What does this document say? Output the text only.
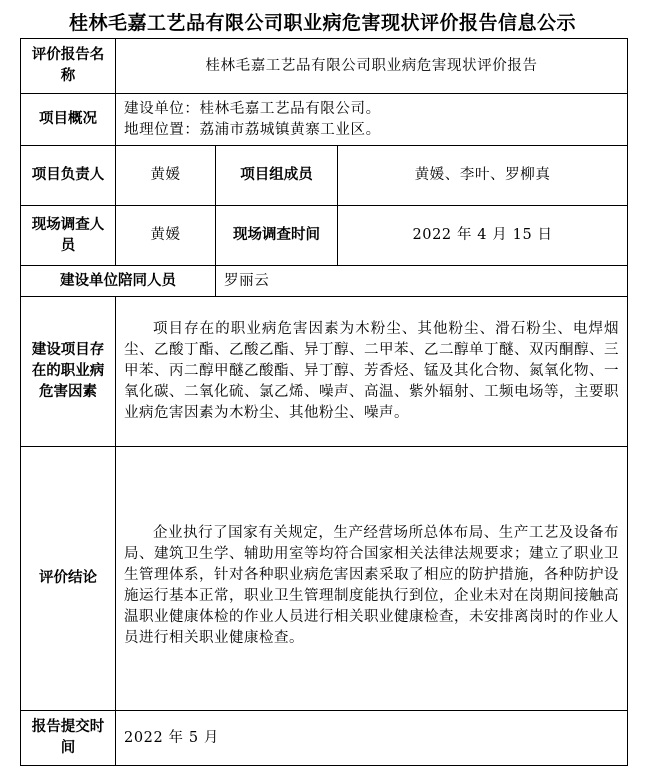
桂林毛嘉工艺品有限公司职业病危害现状评价报告信息公示
评价报告名称	桂林毛嘉工艺品有限公司职业病危害现状评价报告		
项目概况	建设单位：桂林毛嘉工艺品有限公司。
地理位置：荔浦市荔城镇黄寨工业区。		

项目负责人	黄媛	项目组成员	黄媛、李叶、罗柳真
现场调查人员	黄媛	现场调查时间	2022 年 4 月 15 日
建设单位陪同人员		罗丽云	
建设项目存在的职业病危害因素	项目存在的职业病危害因素为木粉尘、其他粉尘、滑石粉尘、电焊烟尘、乙酸丁酯、乙酸乙酯、异丁醇、二甲苯、乙二醇单丁醚、双丙酮醇、三甲苯、丙二醇甲醚乙酸酯、异丁醇、芳香烃、锰及其化合物、氮氧化物、一氧化碳、二氧化硫、氯乙烯、噪声、高温、紫外辐射、工频电场等，主要职业病危害因素为木粉尘、其他粉尘、噪声。		
评价结论	企业执行了国家有关规定，生产经营场所总体布局、生产工艺及设备布局、建筑卫生学、辅助用室等均符合国家相关法律法规要求；建立了职业卫生管理体系，针对各种职业病危害因素采取了相应的防护措施，各种防护设施运行基本正常，职业卫生管理制度能执行到位，企业未对在岗期间接触高温职业健康体检的作业人员进行相关职业健康检查，未安排离岗时的作业人员进行相关职业健康检查。		
报告提交时间	2022 年 5 月		
